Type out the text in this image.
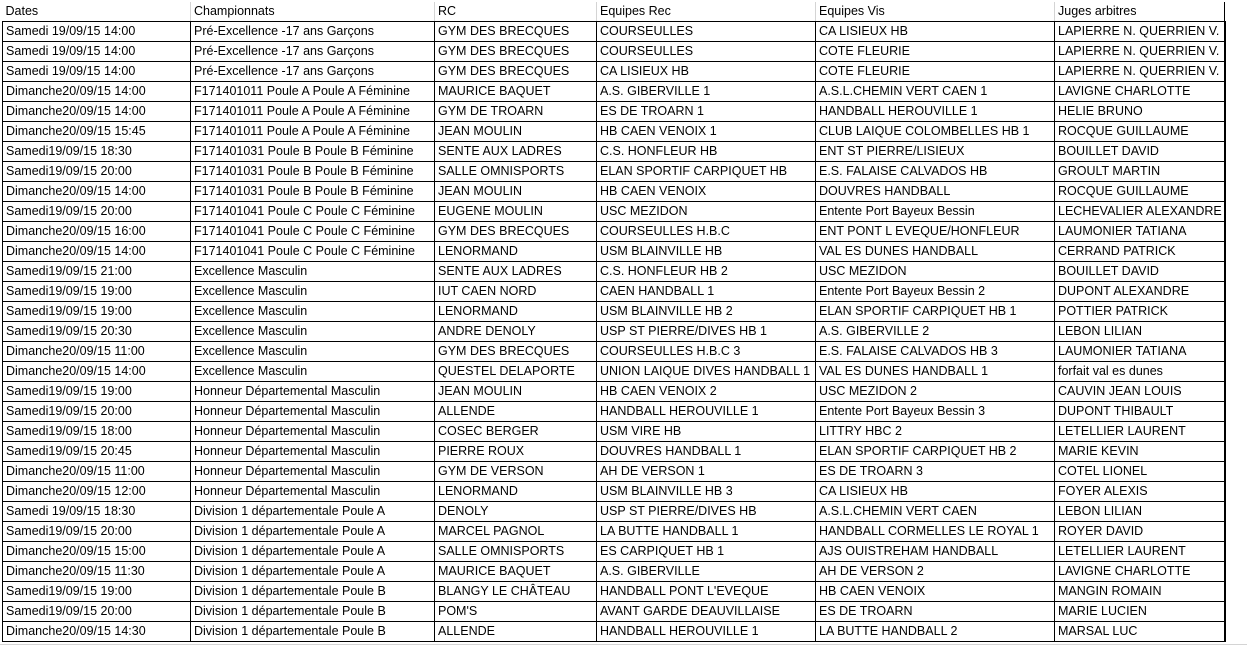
Dates	Championnats	RC	Equipes Rec	Equipes Vis	Juges arbitres
Samedi 19/09/15 14:00	Pré-Excellence -17 ans Garçons	GYM DES BRECQUES	COURSEULLES	CA LISIEUX HB	LAPIERRE N. QUERRIEN V.
Samedi 19/09/15 14:00	Pré-Excellence -17 ans Garçons	GYM DES BRECQUES	COURSEULLES	COTE FLEURIE	LAPIERRE N. QUERRIEN V.
Samedi 19/09/15 14:00	Pré-Excellence -17 ans Garçons	GYM DES BRECQUES	CA LISIEUX HB	COTE FLEURIE	LAPIERRE N. QUERRIEN V.
Dimanche20/09/15 14:00	F171401011 Poule A Poule A Féminine	MAURICE BAQUET	A.S. GIBERVILLE 1	A.S.L.CHEMIN VERT CAEN 1	LAVIGNE CHARLOTTE
Dimanche20/09/15 14:00	F171401011 Poule A Poule A Féminine	GYM DE TROARN	ES DE TROARN 1	HANDBALL HEROUVILLE 1	HELIE BRUNO
Dimanche20/09/15 15:45	F171401011 Poule A Poule A Féminine	JEAN MOULIN	HB CAEN VENOIX 1	CLUB LAIQUE COLOMBELLES HB 1	ROCQUE GUILLAUME
Samedi19/09/15 18:30	F171401031 Poule B Poule B Féminine	SENTE AUX LADRES	C.S. HONFLEUR HB	ENT ST PIERRE/LISIEUX	BOUILLET DAVID
Samedi19/09/15 20:00	F171401031 Poule B Poule B Féminine	SALLE OMNISPORTS	ELAN SPORTIF CARPIQUET HB	E.S. FALAISE CALVADOS HB	GROULT MARTIN
Dimanche20/09/15 14:00	F171401031 Poule B Poule B Féminine	JEAN MOULIN	HB CAEN VENOIX	DOUVRES HANDBALL	ROCQUE GUILLAUME
Samedi19/09/15 20:00	F171401041 Poule C Poule C Féminine	EUGENE MOULIN	USC MEZIDON	Entente Port Bayeux Bessin	LECHEVALIER ALEXANDRE
Dimanche20/09/15 16:00	F171401041 Poule C Poule C Féminine	GYM DES BRECQUES	COURSEULLES H.B.C	ENT PONT L EVEQUE/HONFLEUR	LAUMONIER TATIANA
Dimanche20/09/15 14:00	F171401041 Poule C Poule C Féminine	LENORMAND	USM BLAINVILLE HB	VAL ES DUNES HANDBALL	CERRAND PATRICK
Samedi19/09/15 21:00	Excellence Masculin	SENTE AUX LADRES	C.S. HONFLEUR HB 2	USC MEZIDON	BOUILLET DAVID
Samedi19/09/15 19:00	Excellence Masculin	IUT CAEN NORD	CAEN HANDBALL 1	Entente Port Bayeux Bessin 2	DUPONT ALEXANDRE
Samedi19/09/15 19:00	Excellence Masculin	LENORMAND	USM BLAINVILLE HB 2	ELAN SPORTIF CARPIQUET HB 1	POTTIER PATRICK
Samedi19/09/15 20:30	Excellence Masculin	ANDRE DENOLY	USP ST PIERRE/DIVES HB 1	A.S. GIBERVILLE 2	LEBON LILIAN
Dimanche20/09/15 11:00	Excellence Masculin	GYM DES BRECQUES	COURSEULLES H.B.C 3	E.S. FALAISE CALVADOS HB 3	LAUMONIER TATIANA
Dimanche20/09/15 14:00	Excellence Masculin	QUESTEL DELAPORTE	UNION LAIQUE DIVES HANDBALL 1	VAL ES DUNES HANDBALL 1	forfait val es dunes
Samedi19/09/15 19:00	Honneur Départemental Masculin	JEAN MOULIN	HB CAEN VENOIX 2	USC MEZIDON 2	CAUVIN JEAN LOUIS
Samedi19/09/15 20:00	Honneur Départemental Masculin	ALLENDE	HANDBALL HEROUVILLE 1	Entente Port Bayeux Bessin 3	DUPONT THIBAULT
Samedi19/09/15 18:00	Honneur Départemental Masculin	COSEC BERGER	USM VIRE HB	LITTRY HBC 2	LETELLIER LAURENT
Samedi19/09/15 20:45	Honneur Départemental Masculin	PIERRE ROUX	DOUVRES HANDBALL 1	ELAN SPORTIF CARPIQUET HB 2	MARIE KEVIN
Dimanche20/09/15 11:00	Honneur Départemental Masculin	GYM DE VERSON	AH DE VERSON 1	ES DE TROARN 3	COTEL LIONEL
Dimanche20/09/15 12:00	Honneur Départemental Masculin	LENORMAND	USM BLAINVILLE HB 3	CA LISIEUX HB	FOYER ALEXIS
Samedi 19/09/15 18:30	Division 1 départementale Poule A	DENOLY	USP ST PIERRE/DIVES HB	A.S.L.CHEMIN VERT CAEN	LEBON LILIAN
Samedi19/09/15 20:00	Division 1 départementale Poule A	MARCEL PAGNOL	LA BUTTE HANDBALL 1	HANDBALL CORMELLES LE ROYAL 1	ROYER DAVID
Dimanche20/09/15 15:00	Division 1 départementale Poule A	SALLE OMNISPORTS	ES CARPIQUET HB 1	AJS OUISTREHAM HANDBALL	LETELLIER LAURENT
Dimanche20/09/15 11:30	Division 1 départementale Poule A	MAURICE BAQUET	A.S. GIBERVILLE	AH DE VERSON 2	LAVIGNE CHARLOTTE
Samedi19/09/15 19:00	Division 1 départementale Poule B	BLANGY LE CHÂTEAU	HANDBALL PONT L'EVEQUE	HB CAEN VENOIX	MANGIN ROMAIN
Samedi19/09/15 20:00	Division 1 départementale Poule B	POM'S	AVANT GARDE DEAUVILLAISE	ES DE TROARN	MARIE LUCIEN
Dimanche20/09/15 14:30	Division 1 départementale Poule B	ALLENDE	HANDBALL HEROUVILLE 1	LA BUTTE HANDBALL 2	MARSAL LUC
